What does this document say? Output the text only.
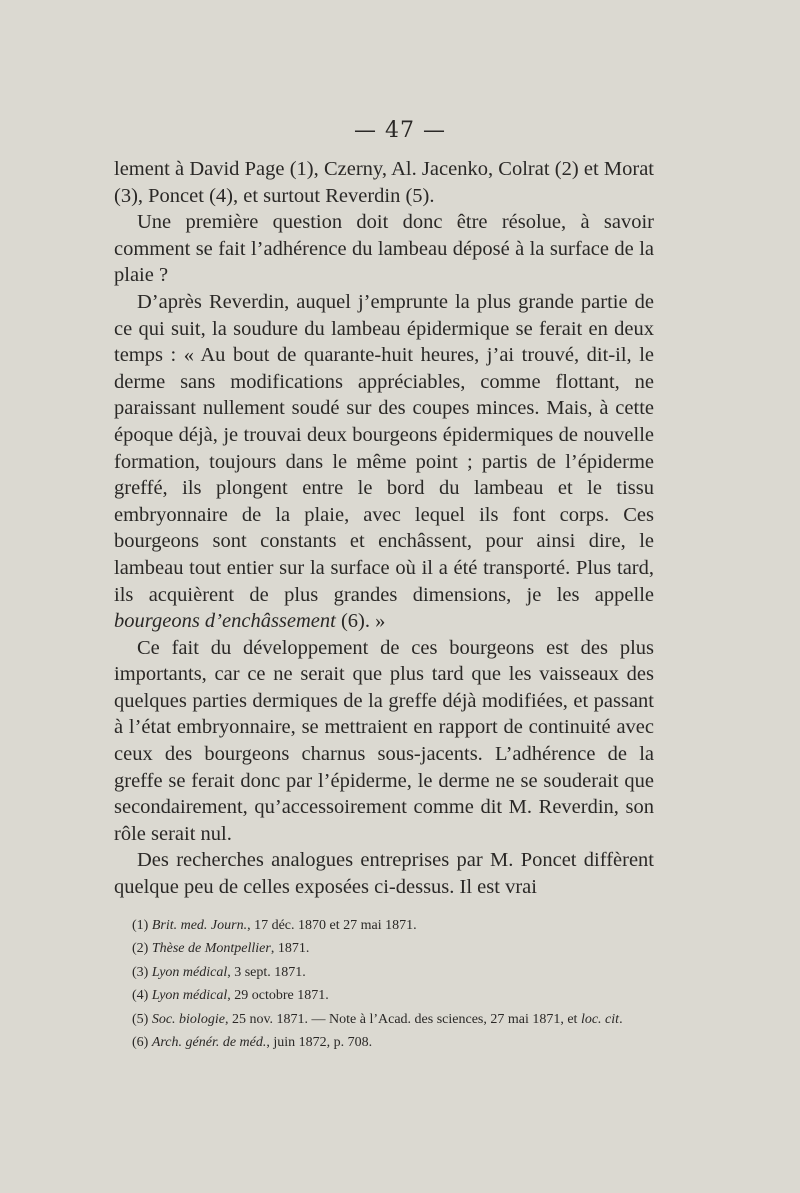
— 47 —

lement à David Page (1), Czerny, Al. Jacenko, Colrat (2) et Morat (3), Poncet (4), et surtout Reverdin (5).

Une première question doit donc être résolue, à savoir comment se fait l’adhérence du lambeau déposé à la surface de la plaie ?

D’après Reverdin, auquel j’emprunte la plus grande partie de ce qui suit, la soudure du lambeau épidermique se ferait en deux temps : « Au bout de quarante-huit heures, j’ai trouvé, dit-il, le derme sans modifications appréciables, comme flottant, ne paraissant nullement soudé sur des coupes minces. Mais, à cette époque déjà, je trouvai deux bourgeons épidermiques de nouvelle formation, toujours dans le même point ; partis de l’épiderme greffé, ils plongent entre le bord du lambeau et le tissu embryonnaire de la plaie, avec lequel ils font corps. Ces bourgeons sont constants et enchâssent, pour ainsi dire, le lambeau tout entier sur la surface où il a été transporté. Plus tard, ils acquièrent de plus grandes dimensions, je les appelle bourgeons d’enchâssement (6). »

Ce fait du développement de ces bourgeons est des plus importants, car ce ne serait que plus tard que les vaisseaux des quelques parties dermiques de la greffe déjà modifiées, et passant à l’état embryonnaire, se mettraient en rapport de continuité avec ceux des bourgeons charnus sous-jacents. L’adhérence de la greffe se ferait donc par l’épiderme, le derme ne se souderait que secondairement, qu’accessoirement comme dit M. Reverdin, son rôle serait nul.

Des recherches analogues entreprises par M. Poncet diffèrent quelque peu de celles exposées ci-dessus. Il est vrai

(1) Brit. med. Journ., 17 déc. 1870 et 27 mai 1871.

(2) Thèse de Montpellier, 1871.

(3) Lyon médical, 3 sept. 1871.

(4) Lyon médical, 29 octobre 1871.

(5) Soc. biologie, 25 nov. 1871. — Note à l’Acad. des sciences, 27 mai 1871, et loc. cit.

(6) Arch. génér. de méd., juin 1872, p. 708.
